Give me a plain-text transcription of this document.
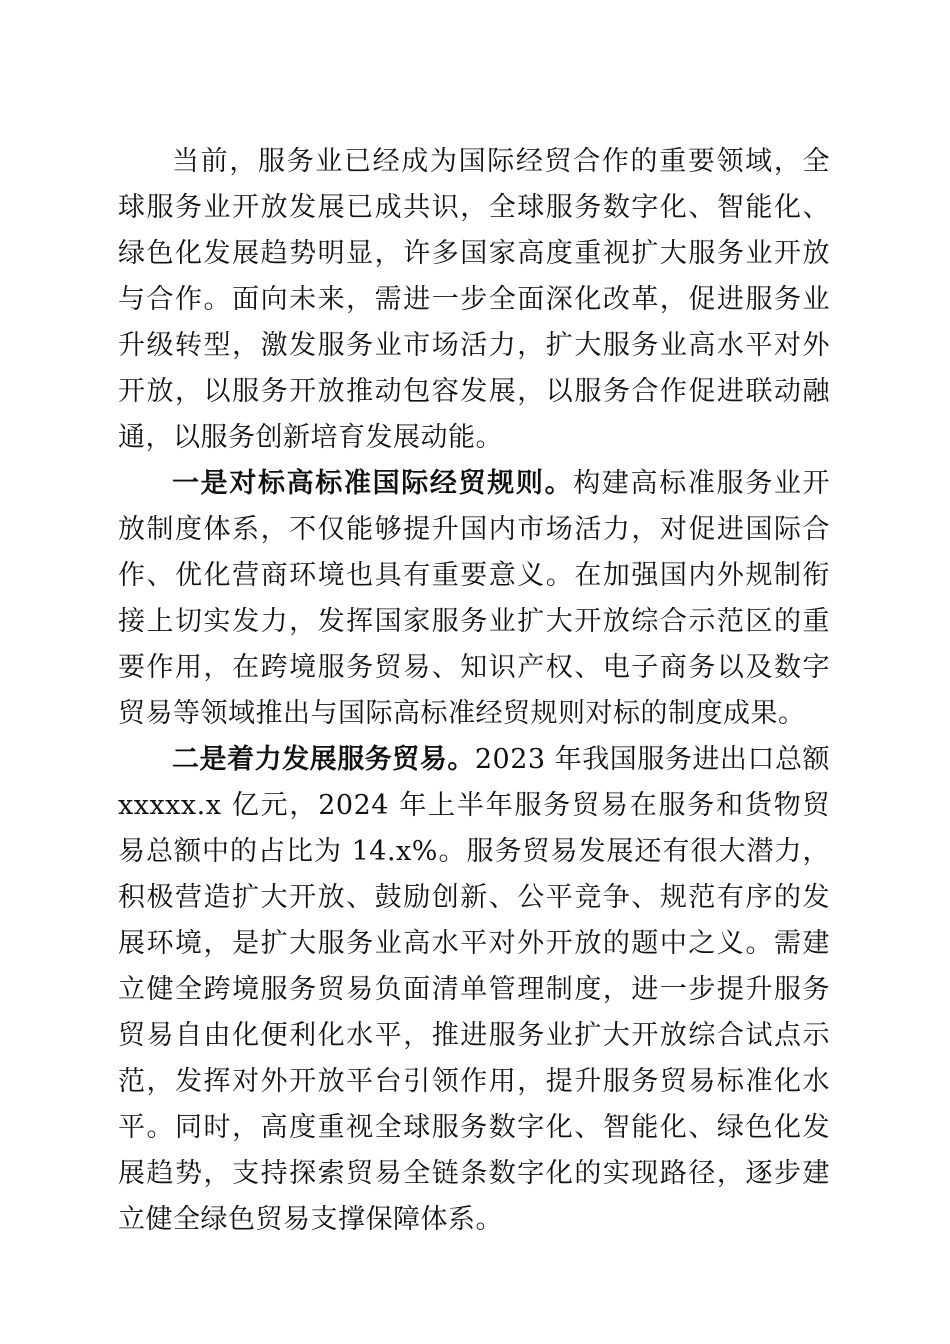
当前，服务业已经成为国际经贸合作的重要领域，全球服务业开放发展已成共识，全球服务数字化、智能化、绿色化发展趋势明显，许多国家高度重视扩大服务业开放与合作。面向未来，需进一步全面深化改革，促进服务业升级转型，激发服务业市场活力，扩大服务业高水平对外开放，以服务开放推动包容发展，以服务合作促进联动融通，以服务创新培育发展动能。

一是对标高标准国际经贸规则。构建高标准服务业开放制度体系，不仅能够提升国内市场活力，对促进国际合作、优化营商环境也具有重要意义。在加强国内外规制衔接上切实发力，发挥国家服务业扩大开放综合示范区的重要作用，在跨境服务贸易、知识产权、电子商务以及数字贸易等领域推出与国际高标准经贸规则对标的制度成果。

二是着力发展服务贸易。2023 年我国服务进出口总额 xxxxx.x 亿元，2024 年上半年服务贸易在服务和货物贸易总额中的占比为 14.x%。服务贸易发展还有很大潜力，积极营造扩大开放、鼓励创新、公平竞争、规范有序的发展环境，是扩大服务业高水平对外开放的题中之义。需建立健全跨境服务贸易负面清单管理制度，进一步提升服务贸易自由化便利化水平，推进服务业扩大开放综合试点示范，发挥对外开放平台引领作用，提升服务贸易标准化水平。同时，高度重视全球服务数字化、智能化、绿色化发展趋势，支持探索贸易全链条数字化的实现路径，逐步建立健全绿色贸易支撑保障体系。
